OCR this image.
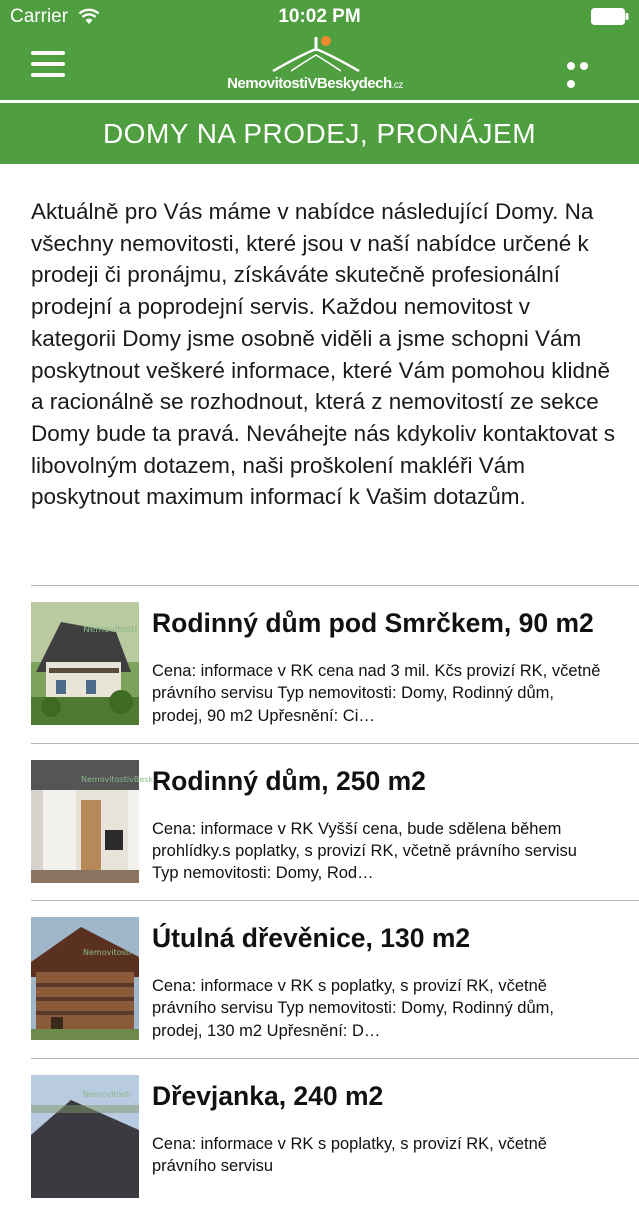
Carrier	10:02 PM
NemovitostiVBeskydech.cz
DOMY NA PRODEJ, PRONÁJEM

Aktuálně pro Vás máme v nabídce následující Domy. Na všechny nemovitosti, které jsou v naší nabídce určené k prodeji či pronájmu, získáváte skutečně profesionální prodejní a poprodejní servis. Každou nemovitost v kategorii Domy jsme osobně viděli a jsme schopni Vám poskytnout veškeré informace, které Vám pomohou klidně a racionálně se rozhodnout, která z nemovitostí ze sekce Domy bude ta pravá. Neváhejte nás kdykoliv kontaktovat s libovolným dotazem, naši proškolení makléři Vám poskytnout maximum informací k Vašim dotazům.

Nemovitosti Rodinný dům pod Smrčkem, 90 m2
Cena: informace v RK cena nad 3 mil. Kčs provizí RK, včetně právního servisu Typ nemovitosti: Domy, Rodinný dům, prodej, 90 m2 Upřesnění: Ci…
NemovitostivBesk
Rodinný dům, 250 m2
Cena: informace v RK Vyšší cena, bude sdělena během prohlídky.s poplatky, s provizí RK, včetně právního servisu Typ nemovitosti: Domy, Rod…
Nemovitosti Útulná dřevěnice, 130 m2
Cena: informace v RK s poplatky, s provizí RK, včetně právního servisu Typ nemovitosti: Domy, Rodinný dům, prodej, 130 m2 Upřesnění: D…
Nemovitosti Dřevjanka, 240 m2
Cena: informace v RK s poplatky, s provizí RK, včetně právního servisu
